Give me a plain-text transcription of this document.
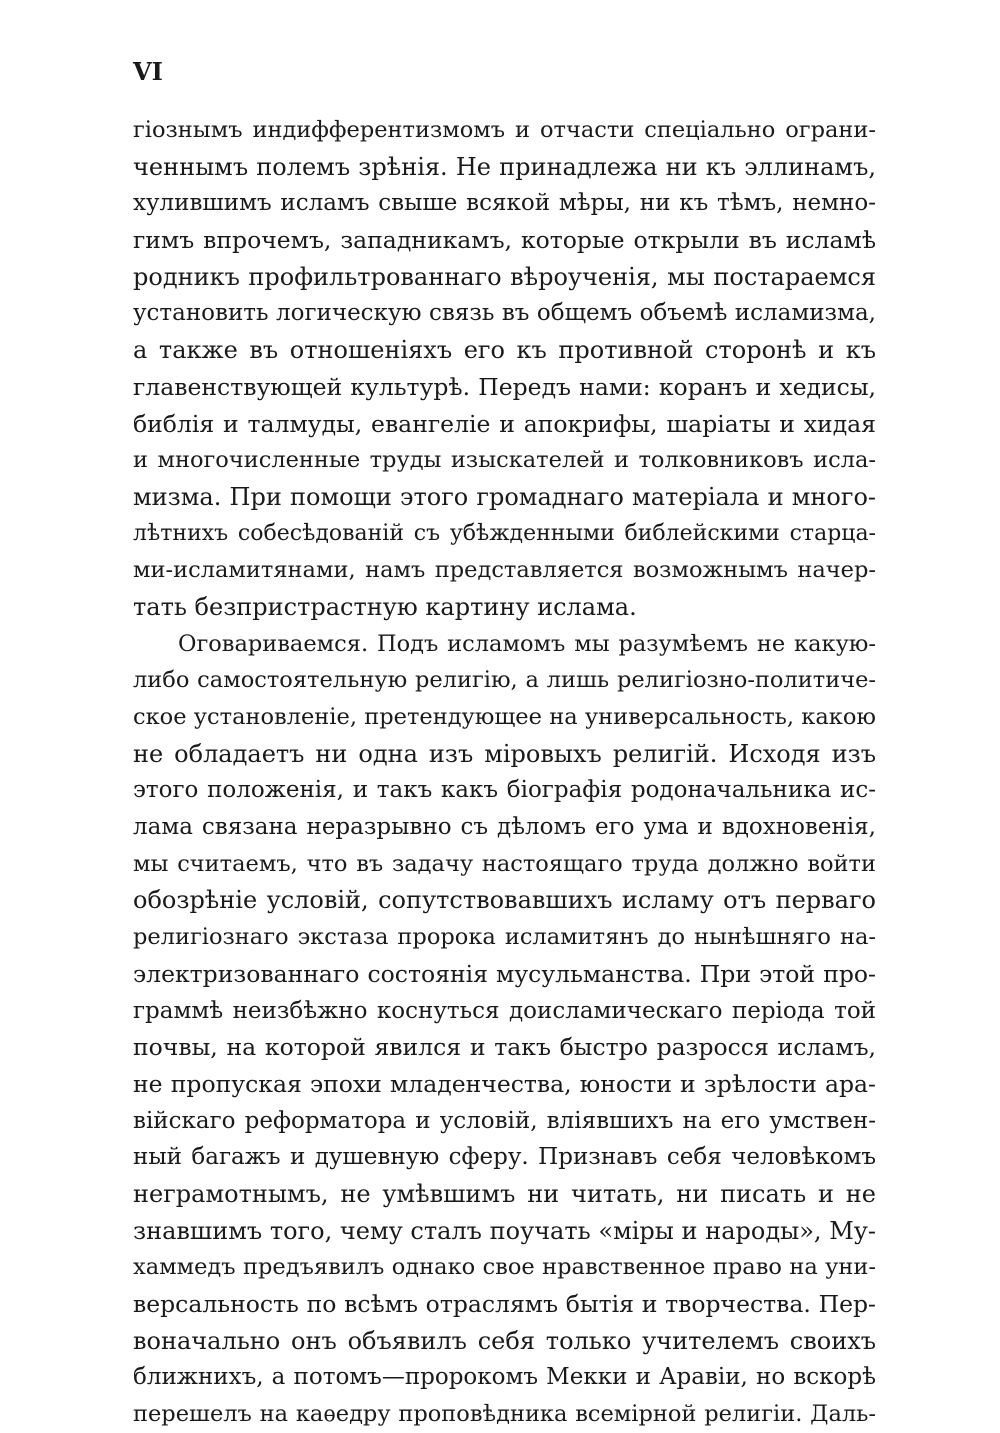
VI
гіознымъ индифферентизмомъ и отчасти спеціально ограни-
ченнымъ полемъ зрѣнія. Не принадлежа ни къ эллинамъ,
хулившимъ исламъ свыше всякой мѣры, ни къ тѣмъ, немно-
гимъ впрочемъ, западникамъ, которые открыли въ исламѣ
родникъ профильтрованнаго вѣроученія, мы постараемся
установить логическую связь въ общемъ объемѣ исламизма,
а также въ отношеніяхъ его къ противной сторонѣ и къ
главенствующей культурѣ. Передъ нами: коранъ и хедисы,
библія и талмуды, евангеліе и апокрифы, шаріаты и хидая
и многочисленные труды изыскателей и толковниковъ исла-
мизма. При помощи этого громаднаго матеріала и много-
лѣтнихъ собесѣдованій съ убѣжденными библейскими старца-
ми-исламитянами, намъ представляется возможнымъ начер-
тать безпристрастную картину ислама.
Оговариваемся. Подъ исламомъ мы разумѣемъ не какую-
либо самостоятельную религію, а лишь религіозно-политиче-
ское установленіе, претендующее на универсальность, какою
не обладаетъ ни одна изъ міровыхъ религій. Исходя изъ
этого положенія, и такъ какъ біографія родоначальника ис-
лама связана неразрывно съ дѣломъ его ума и вдохновенія,
мы считаемъ, что въ задачу настоящаго труда должно войти
обозрѣніе условій, сопутствовавшихъ исламу отъ перваго
религіознаго экстаза пророка исламитянъ до нынѣшняго на-
электризованнаго состоянія мусульманства. При этой про-
граммѣ неизбѣжно коснуться доисламическаго періода той
почвы, на которой явился и такъ быстро разросся исламъ,
не пропуская эпохи младенчества, юности и зрѣлости ара-
війскаго реформатора и условій, вліявшихъ на его умствен-
ный багажъ и душевную сферу. Признавъ себя человѣкомъ
неграмотнымъ, не умѣвшимъ ни читать, ни писать и не
знавшимъ того, чему сталъ поучать «міры и народы», Му-
хаммедъ предъявилъ однако свое нравственное право на уни-
версальность по всѣмъ отраслямъ бытія и творчества. Пер-
воначально онъ объявилъ себя только учителемъ своихъ
ближнихъ, а потомъ—пророкомъ Мекки и Аравіи, но вскорѣ
перешелъ на каѳедру проповѣдника всемірной религіи. Даль-
